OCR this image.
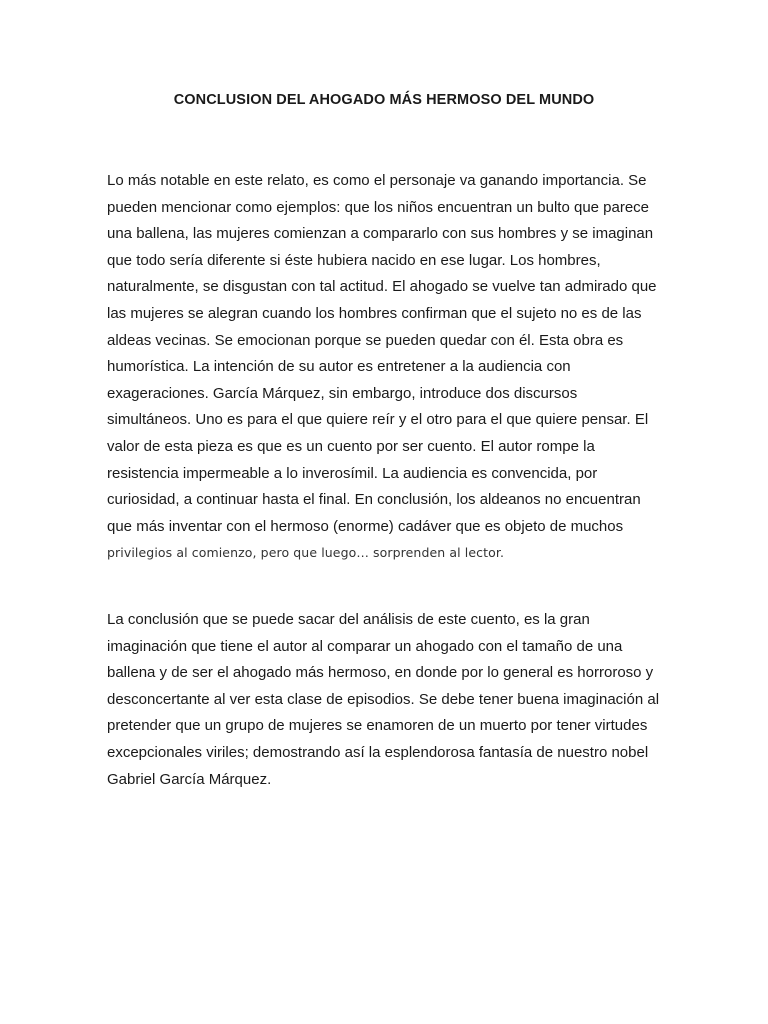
CONCLUSION DEL AHOGADO MÁS HERMOSO DEL MUNDO

Lo más notable en este relato, es como el personaje va ganando importancia. Se
pueden mencionar como ejemplos: que los niños encuentran un bulto que parece
una ballena, las mujeres comienzan a compararlo con sus hombres y se imaginan
que todo sería diferente si éste hubiera nacido en ese lugar. Los hombres,
naturalmente, se disgustan con tal actitud. El ahogado se vuelve tan admirado que
las mujeres se alegran cuando los hombres confirman que el sujeto no es de las
aldeas vecinas. Se emocionan porque se pueden quedar con él. Esta obra es
humorística. La intención de su autor es entretener a la audiencia con
exageraciones. García Márquez, sin embargo, introduce dos discursos
simultáneos. Uno es para el que quiere reír y el otro para el que quiere pensar. El
valor de esta pieza es que es un cuento por ser cuento. El autor rompe la
resistencia impermeable a lo inverosímil. La audiencia es convencida, por
curiosidad, a continuar hasta el final. En conclusión, los aldeanos no encuentran
que más inventar con el hermoso (enorme) cadáver que es objeto de muchos
privilegios al comienzo, pero que luego… sorprenden al lector.

La conclusión que se puede sacar del análisis de este cuento, es la gran
imaginación que tiene el autor al comparar un ahogado con el tamaño de una
ballena y de ser el ahogado más hermoso, en donde por lo general es horroroso y
desconcertante al ver esta clase de episodios. Se debe tener buena imaginación al
pretender que un grupo de mujeres se enamoren de un muerto por tener virtudes
excepcionales viriles; demostrando así la esplendorosa fantasía de nuestro nobel
Gabriel García Márquez.
